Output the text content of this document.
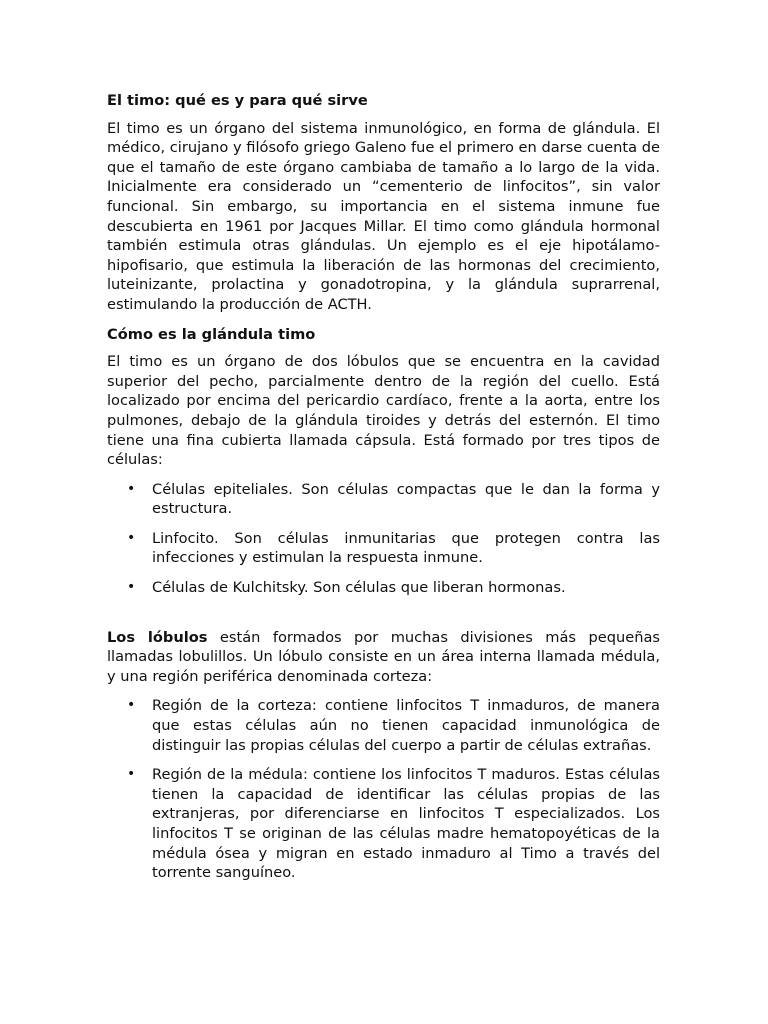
El timo: qué es y para qué sirve

El timo es un órgano del sistema inmunológico, en forma de glándula. El médico, cirujano y filósofo griego Galeno fue el primero en darse cuenta de que el tamaño de este órgano cambiaba de tamaño a lo largo de la vida. Inicialmente era considerado un “cementerio de linfocitos”, sin valor funcional. Sin embargo, su importancia en el sistema inmune fue descubierta en 1961 por Jacques Millar. El timo como glándula hormonal también estimula otras glándulas. Un ejemplo es el eje hipotálamo-hipofisario, que estimula la liberación de las hormonas del crecimiento, luteinizante, prolactina y gonadotropina, y la glándula suprarrenal, estimulando la producción de ACTH.

Cómo es la glándula timo

El timo es un órgano de dos lóbulos que se encuentra en la cavidad superior del pecho, parcialmente dentro de la región del cuello. Está localizado por encima del pericardio cardíaco, frente a la aorta, entre los pulmones, debajo de la glándula tiroides y detrás del esternón. El timo tiene una fina cubierta llamada cápsula. Está formado por tres tipos de células:

• Células epiteliales. Son células compactas que le dan la forma y estructura.
• Linfocito. Son células inmunitarias que protegen contra las infecciones y estimulan la respuesta inmune.
• Células de Kulchitsky. Son células que liberan hormonas.

Los lóbulos están formados por muchas divisiones más pequeñas llamadas lobulillos. Un lóbulo consiste en un área interna llamada médula, y una región periférica denominada corteza:

• Región de la corteza: contiene linfocitos T inmaduros, de manera que estas células aún no tienen capacidad inmunológica de distinguir las propias células del cuerpo a partir de células extrañas.
• Región de la médula: contiene los linfocitos T maduros. Estas células tienen la capacidad de identificar las células propias de las extranjeras, por diferenciarse en linfocitos T especializados. Los linfocitos T se originan de las células madre hematopoyéticas de la médula ósea y migran en estado inmaduro al Timo a través del torrente sanguíneo.
